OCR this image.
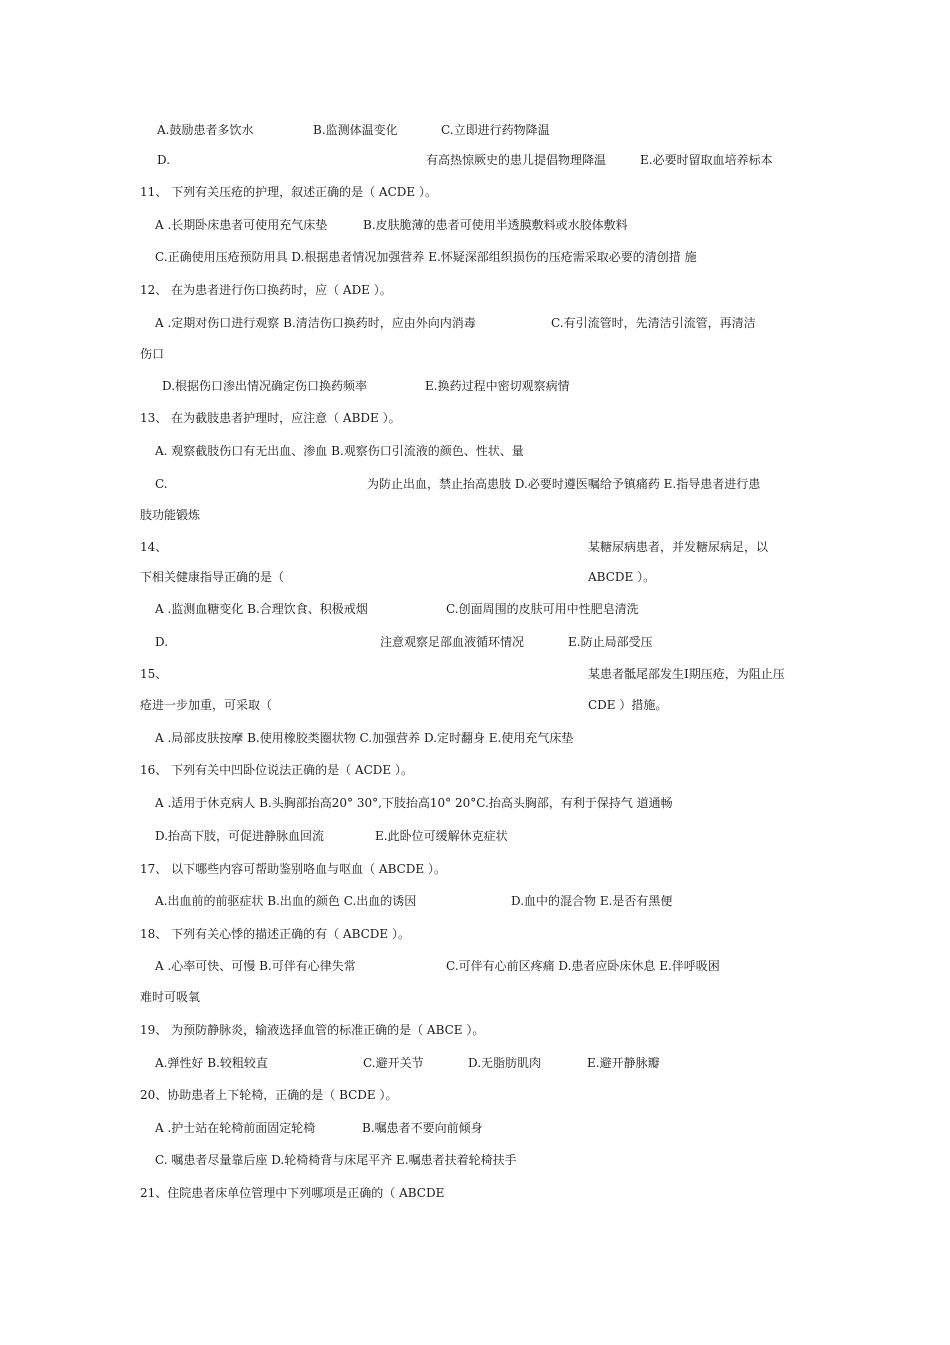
A.鼓励患者多饮水	B.监测体温变化	C.立即进行药物降温
D.	有高热惊厥史的患儿提倡物理降温	E.必要时留取血培养标本
11、 下列有关压疮的护理，叙述正确的是（ ACDE ）。
A .长期卧床患者可使用充气床垫	B.皮肤脆薄的患者可使用半透膜敷料或水胶体敷料
C.正确使用压疮预防用具 D.根据患者情况加强营养 E.怀疑深部组织损伤的压疮需采取必要的清创措 施
12、 在为患者进行伤口换药时，应（ ADE ）。
A .定期对伤口进行观察 B.清洁伤口换药时，应由外向内消毒	C.有引流管时，先清洁引流管，再清洁
伤口
D.根据伤口渗出情况确定伤口换药频率	E.换药过程中密切观察病情
13、 在为截肢患者护理时，应注意（ ABDE ）。
A. 观察截肢伤口有无出血、渗血 B.观察伤口引流液的颜色、性状、量
C.	为防止出血，禁止抬高患肢 D.必要时遵医嘱给予镇痛药 E.指导患者进行患
肢功能锻炼
14、	某糖尿病患者，并发糖尿病足，以
下相关健康指导正确的是（	ABCDE ）。
A .监测血糖变化 B.合理饮食、积极戒烟	C.创面周围的皮肤可用中性肥皂清洗
D.	注意观察足部血液循环情况	E.防止局部受压
15、	某患者骶尾部发生Ⅰ期压疮，为阻止压
疮进一步加重，可采取（	CDE ）措施。
A .局部皮肤按摩 B.使用橡胶类圈状物 C.加强营养 D.定时翻身 E.使用充气床垫
16、 下列有关中凹卧位说法正确的是（ ACDE ）。
A .适用于休克病人 B.头胸部抬高20° 30°,下肢抬高10° 20°C.抬高头胸部，有利于保持气 道通畅
D.抬高下肢，可促进静脉血回流	E.此卧位可缓解休克症状
17、 以下哪些内容可帮助鉴别咯血与呕血（ ABCDE ）。
A.出血前的前驱症状 B.出血的颜色 C.出血的诱因	D.血中的混合物 E.是否有黑便
18、 下列有关心悸的描述正确的有（ ABCDE ）。
A .心率可快、可慢 B.可伴有心律失常	C.可伴有心前区疼痛 D.患者应卧床休息 E.伴呼吸困
难时可吸氧
19、 为预防静脉炎，输液选择血管的标准正确的是（ ABCE ）。
A.弹性好 B.较粗较直	C.避开关节	D.无脂肪肌肉	E.避开静脉瓣
20、协助患者上下轮椅，正确的是（ BCDE ）。
A .护士站在轮椅前面固定轮椅	B.嘱患者不要向前倾身
C. 嘱患者尽量靠后座 D.轮椅椅背与床尾平齐 E.嘱患者扶着轮椅扶手
21、住院患者床单位管理中下列哪项是正确的（ ABCDE
